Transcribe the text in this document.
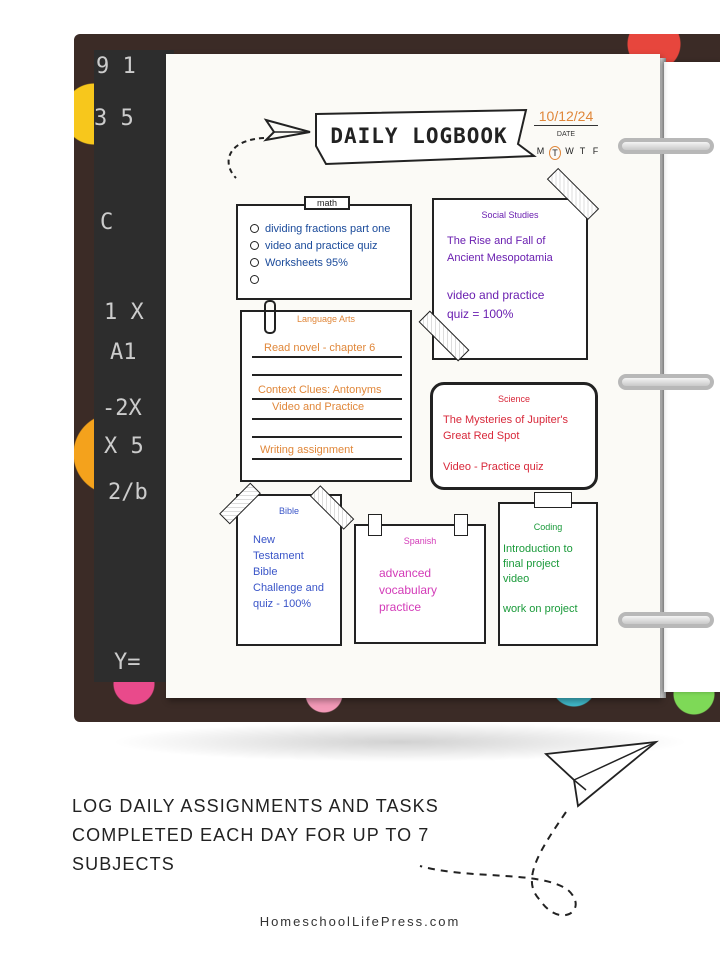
9 1
3 5
C
1 X
A1
-2X
X 5
2/b
Y=
DAILY LOGBOOK
10/12/24
DATE
M T W T F
dividing fractions part one
video and practice quiz
Worksheets 95%
math
Social Studies
The Rise and Fall of
Ancient Mesopotamia
video and practice
quiz = 100%
Language Arts
Read novel - chapter 6
Context Clues: Antonyms
Video and Practice
Writing assignment
Science
The Mysteries of Jupiter's
Great Red Spot
Video - Practice quiz
Bible
New
Testament
Bible
Challenge and
quiz - 100%
Spanish
advanced
vocabulary
practice
Coding
Introduction to
final project
video
work on project
LOG DAILY ASSIGNMENTS AND TASKS
COMPLETED EACH DAY FOR UP TO 7
SUBJECTS
HomeschoolLifePress.com
